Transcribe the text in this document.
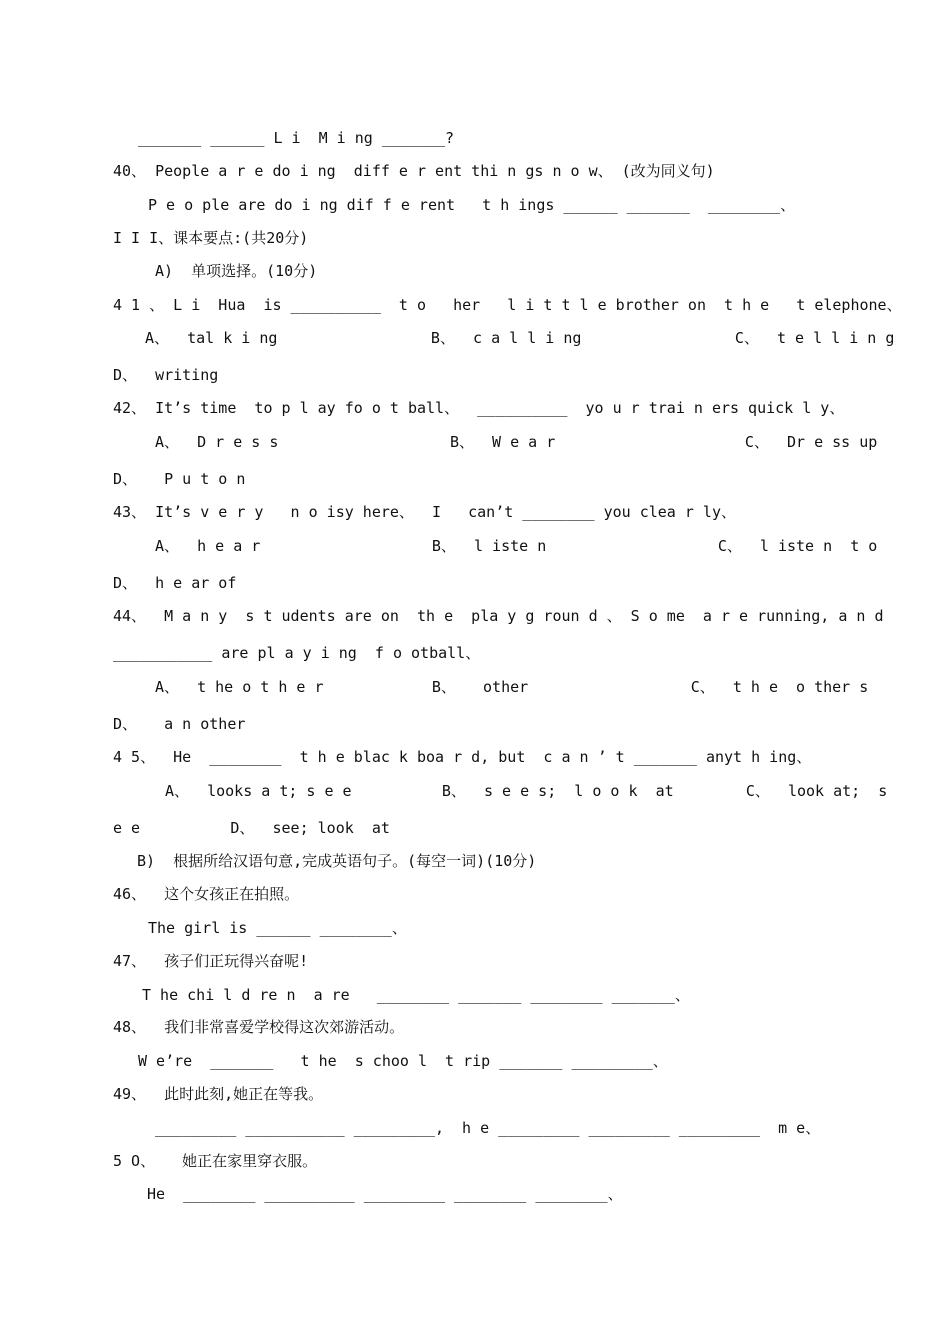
_______ ______ L i  M i ng _______?
40、 People a r e do i ng  diff e r ent thi n gs n o w、 (改为同义句)
P e o ple are do i ng dif f e rent   t h ings ______ _______  ________、
I I I、课本要点:(共20分)
A)  单项选择。(10分)
4 1 、 L i  Hua  is __________  t o   her   l i t t l e brother on  t h e   t elephone、
A、  tal k i ng                 B、  c a l l i ng                 C、  t e l l i n g
D、  writing
42、 It’s time  to p l ay fo o t ball、  __________  yo u r trai n ers quick l y、
A、  D r e s s                   B、  W e a r                     C、  Dr e ss up
D、   P u t o n
43、 It’s v e r y   n o isy here、  I   can’t ________ you clea r ly、
A、  h e a r                   B、  l iste n                   C、  l iste n  t o
D、  h e ar of
44、  M a n y  s t udents are on  th e  pla y g roun d 、 S o me  a r e running, a n d
___________ are pl a y i ng  f o otball、
A、  t he o t h e r            B、   other                  C、  t h e  o ther s
D、   a n other
4 5、  He  ________  t h e blac k boa r d, but  c a n ’ t _______ anyt h ing、
A、  looks a t; s e e          B、  s e e s;  l o o k  at        C、  look at;  s
e e          D、  see; look  at
B)  根据所给汉语句意,完成英语句子。(每空一词)(10分)
46、  这个女孩正在拍照。
The girl is ______ ________、
47、  孩子们正玩得兴奋呢!
T he chi l d re n  a re   ________ _______ ________ _______、
48、  我们非常喜爱学校得这次郊游活动。
W e’re  _______   t he  s choo l  t rip _______ _________、
49、  此时此刻,她正在等我。
_________ ___________ _________,  h e _________ _________ _________  m e、
5 O、   她正在家里穿衣服。
He  ________ __________ _________ ________ ________、
